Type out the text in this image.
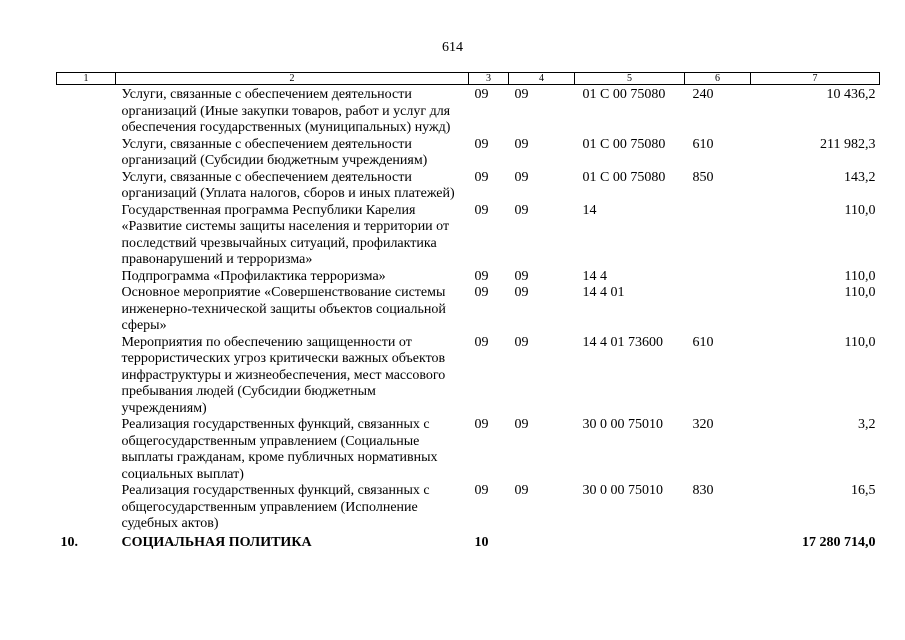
614
1	2	3	4	5	6	7
	Услуги, связанные с обеспечением деятельности организаций (Иные закупки товаров, работ и услуг для обеспечения государственных (муниципальных) нужд)	09	09	01 С 00 75080	240	10 436,2
	Услуги, связанные с обеспечением деятельности организаций (Субсидии бюджетным учреждениям)	09	09	01 С 00 75080	610	211 982,3
	Услуги, связанные с обеспечением деятельности организаций (Уплата налогов, сборов и иных платежей)	09	09	01 С 00 75080	850	143,2
	Государственная программа Республики Карелия «Развитие системы защиты населения и территории от последствий чрезвычайных ситуаций, профилактика правонарушений и терроризма»	09	09	14		110,0
	Подпрограмма «Профилактика терроризма»	09	09	14 4		110,0
	Основное мероприятие «Совершенствование системы инженерно-технической защиты объектов социальной сферы»	09	09	14 4 01		110,0
	Мероприятия по обеспечению защищенности от террористических угроз критически важных объектов инфраструктуры и жизнеобеспечения, мест массового пребывания людей (Субсидии бюджетным учреждениям)	09	09	14 4 01 73600	610	110,0
	Реализация государственных функций, связанных с общегосударственным управлением (Социальные выплаты гражданам, кроме публичных нормативных социальных выплат)	09	09	30 0 00 75010	320	3,2
	Реализация государственных функций, связанных с общегосударственным управлением (Исполнение судебных актов)	09	09	30 0 00 75010	830	16,5
10.	СОЦИАЛЬНАЯ ПОЛИТИКА	10				17 280 714,0
